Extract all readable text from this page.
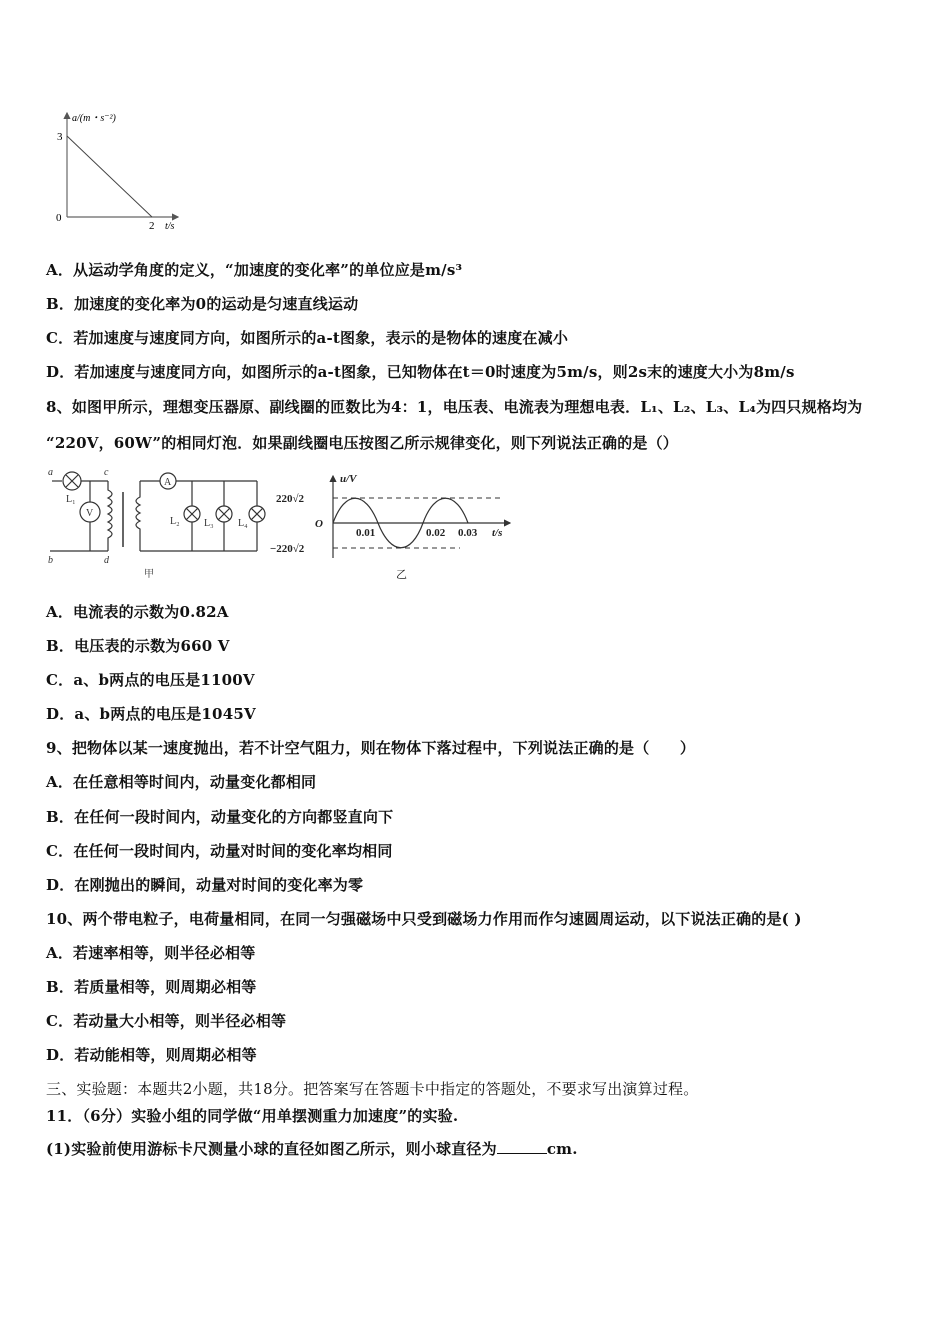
a/(m・s⁻²)
3
0
2 t/s
A．从运动学角度的定义，“加速度的变化率”的单位应是m/s³
B．加速度的变化率为0的运动是匀速直线运动
C．若加速度与速度同方向，如图所示的a-t图象，表示的是物体的速度在减小
D．若加速度与速度同方向，如图所示的a-t图象，已知物体在t＝0时速度为5m/s，则2s末的速度大小为8m/s
8、如图甲所示，理想变压器原、副线圈的匝数比为4：1，电压表、电流表为理想电表．L₁、L₂、L₃、L₄为四只规格均为
“220V，60W”的相同灯泡．如果副线圈电压按图乙所示规律变化，则下列说法正确的是（）
a
b
c
d
L₁
V
A
L₂ L₃ L₄
甲
u/V
220√2
O
−220√2
0.01	0.02 0.03 t/s
乙
A．电流表的示数为0.82A
B．电压表的示数为660 V
C．a、b两点的电压是1100V
D．a、b两点的电压是1045V
9、把物体以某一速度抛出，若不计空气阻力，则在物体下落过程中，下列说法正确的是（　　）
A．在任意相等时间内，动量变化都相同
B．在任何一段时间内，动量变化的方向都竖直向下
C．在任何一段时间内，动量对时间的变化率均相同
D．在刚抛出的瞬间，动量对时间的变化率为零
10、两个带电粒子，电荷量相同，在同一匀强磁场中只受到磁场力作用而作匀速圆周运动，以下说法正确的是( )
A．若速率相等，则半径必相等
B．若质量相等，则周期必相等
C．若动量大小相等，则半径必相等
D．若动能相等，则周期必相等
三、实验题：本题共2小题，共18分。把答案写在答题卡中指定的答题处，不要求写出演算过程。
11．（6分）实验小组的同学做“用单摆测重力加速度”的实验.
(1)实验前使用游标卡尺测量小球的直径如图乙所示，则小球直径为	cm.
